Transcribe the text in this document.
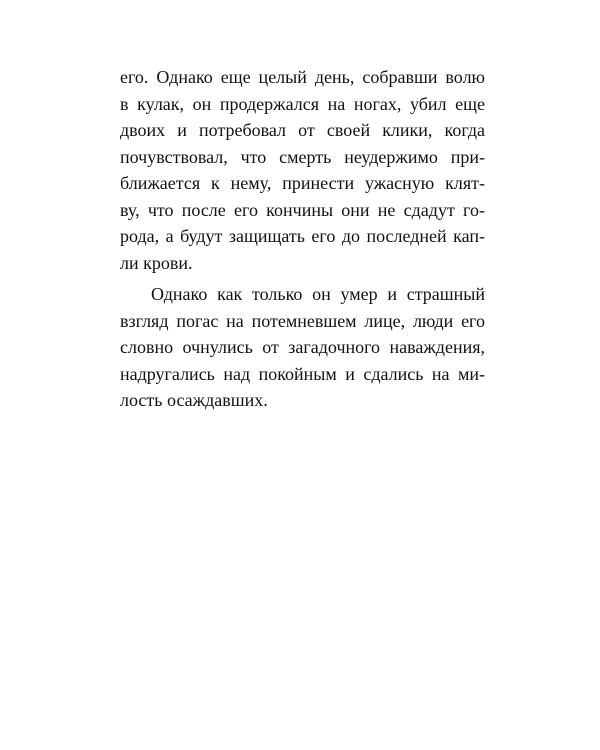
его. Однако еще целый день, собравши волю
в кулак, он продержался на ногах, убил еще
двоих и потребовал от своей клики, когда
почувствовал, что смерть неудержимо при-
ближается к нему, принести ужасную клят-
ву, что после его кончины они не сдадут го-
рода, а будут защищать его до последней кап-
ли крови.
Однако как только он умер и страшный
взгляд погас на потемневшем лице, люди его
словно очнулись от загадочного наваждения,
надругались над покойным и сдались на ми-
лость осаждавших.
